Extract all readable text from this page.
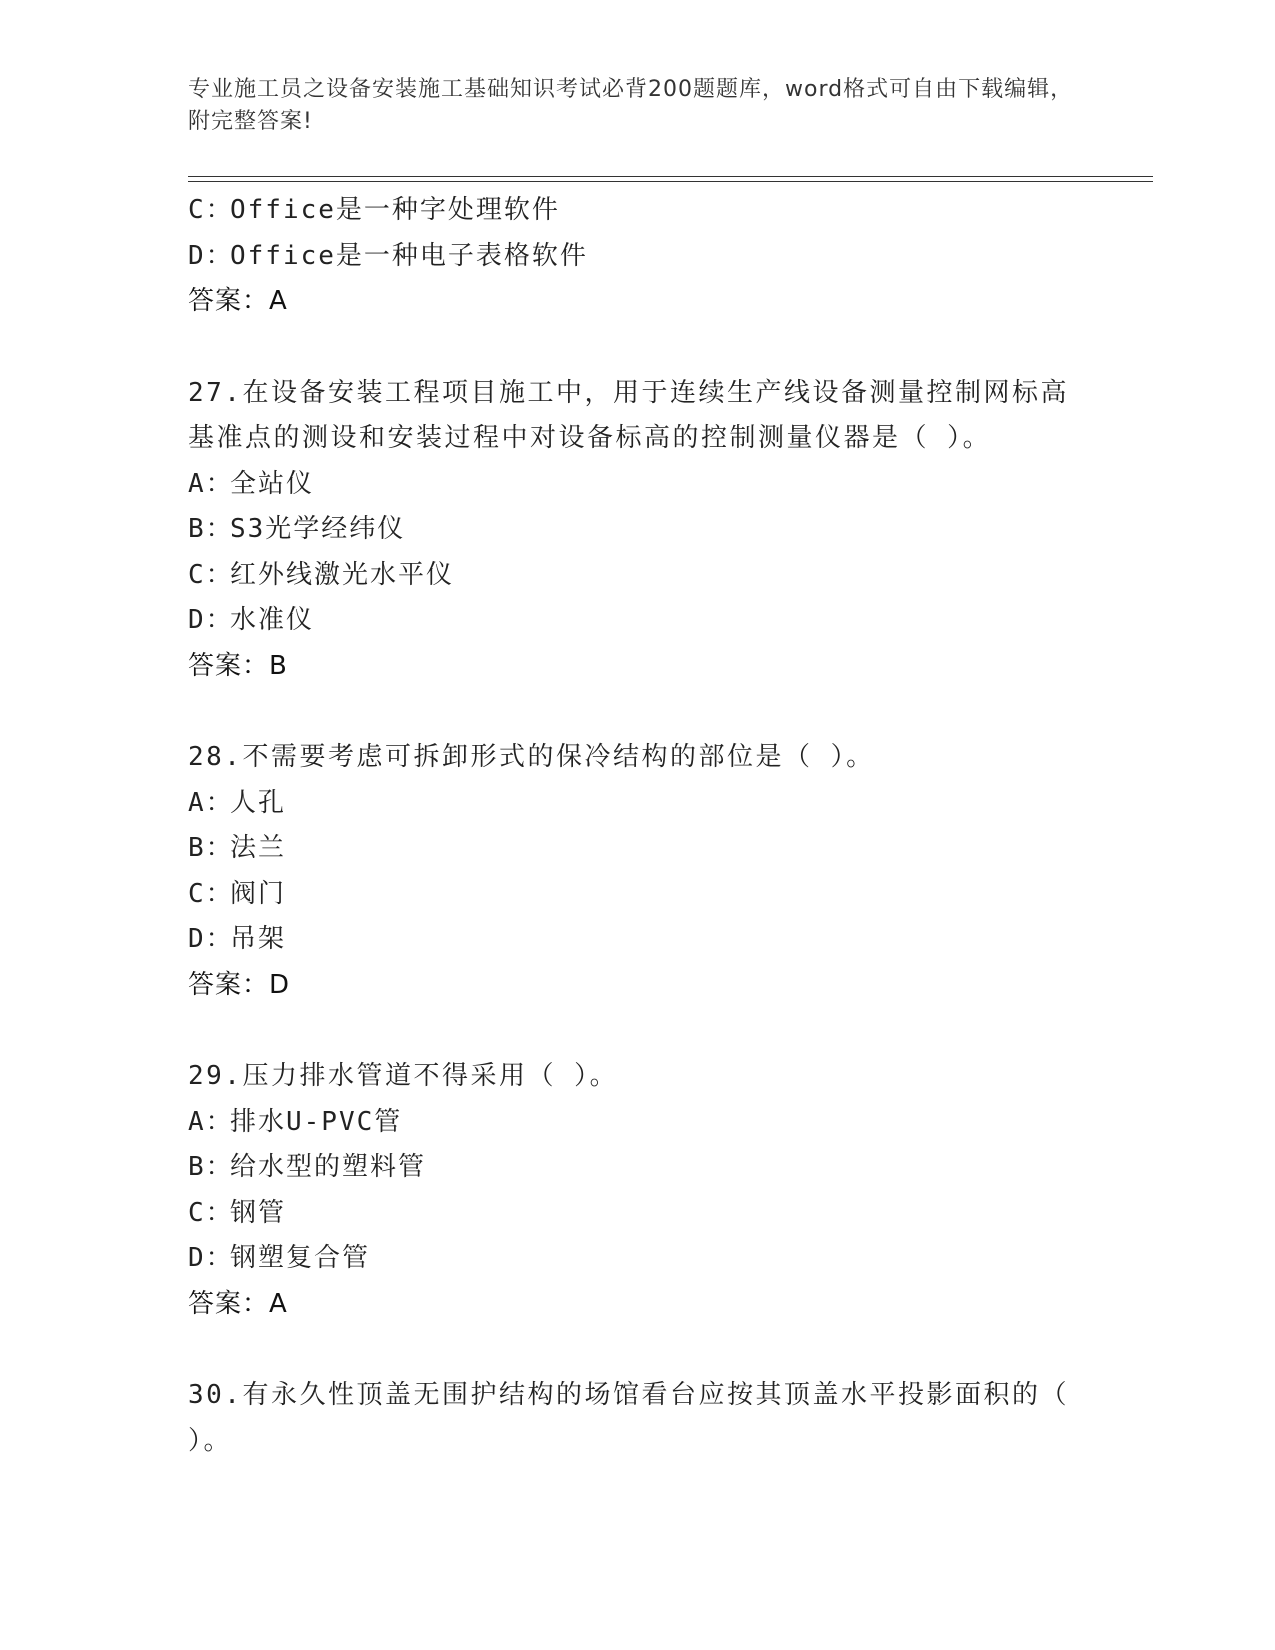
专业施工员之设备安装施工基础知识考试必背200题题库，word格式可自由下载编辑，附完整答案!
C：Office是一种字处理软件
D：Office是一种电子表格软件
答案：A
27.在设备安装工程项目施工中，用于连续生产线设备测量控制网标高基准点的测设和安装过程中对设备标高的控制测量仪器是（ ）。
A：全站仪
B：S3光学经纬仪
C：红外线激光水平仪
D：水准仪
答案：B
28.不需要考虑可拆卸形式的保冷结构的部位是（ ）。
A：人孔
B：法兰
C：阀门
D：吊架
答案：D
29.压力排水管道不得采用（ ）。
A：排水U-PVC管
B：给水型的塑料管
C：钢管
D：钢塑复合管
答案：A
30.有永久性顶盖无围护结构的场馆看台应按其顶盖水平投影面积的（ ）。
